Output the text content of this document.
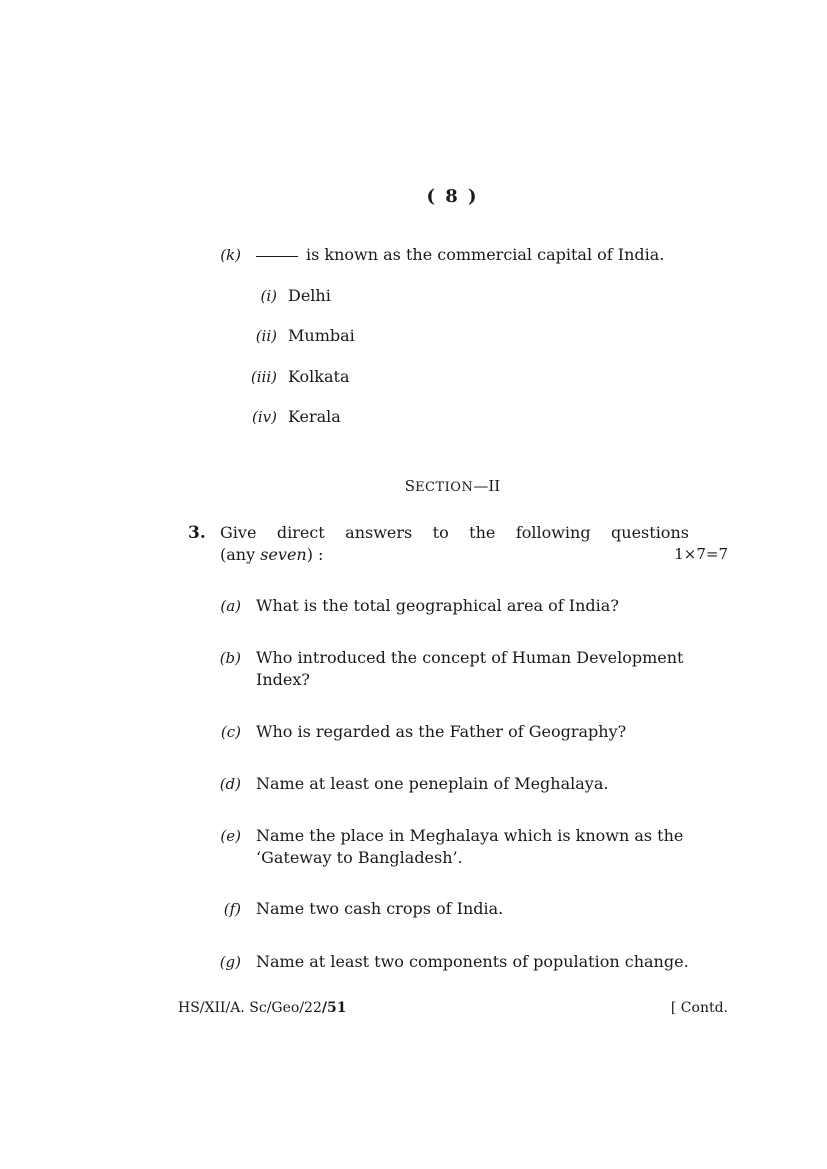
( 8 )
(k)	is known as the commercial capital of India.
(i) Delhi
(ii) Mumbai
(iii) Kolkata
(iv) Kerala
SECTION—II
3. Give direct answers to the following questions
(any seven) :	1×7=7
(a) What is the total geographical area of India?
(b) Who introduced the concept of Human Development
Index?
(c) Who is regarded as the Father of Geography?
(d) Name at least one peneplain of Meghalaya.
(e) Name the place in Meghalaya which is known as the
‘Gateway to Bangladesh’.
(f) Name two cash crops of India.
(g) Name at least two components of population change.
HS/XII/A. Sc/Geo/22/51	[ Contd.
